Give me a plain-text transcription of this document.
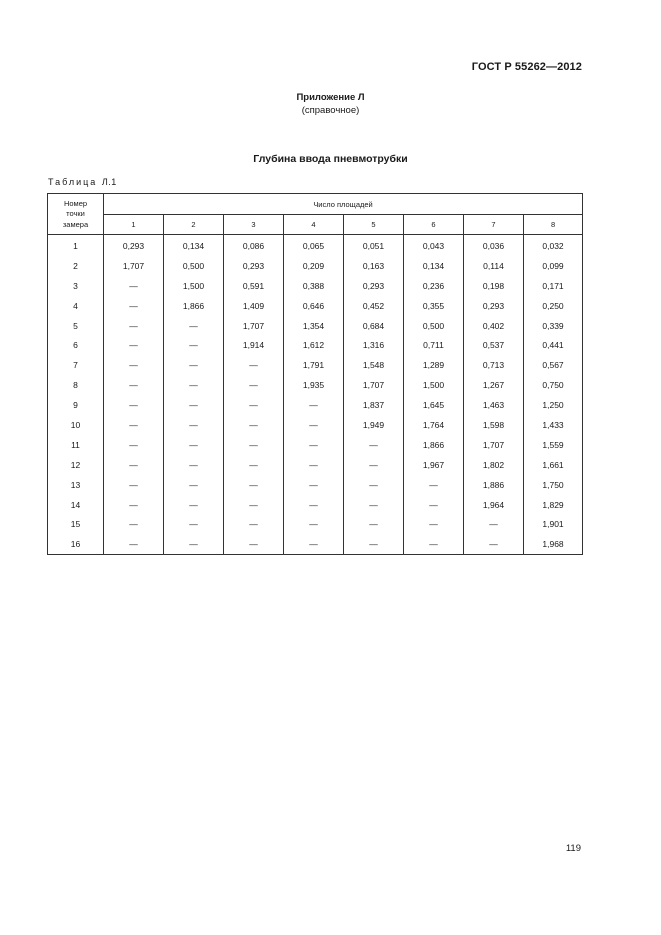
ГОСТ Р 55262—2012
Приложение Л
(справочное)
Глубина ввода пневмотрубки
Таблица Л.1
Номер
точки
замера	Число площадей							
	1	2	3	4	5	6	7	8
1	0,293	0,134	0,086	0,065	0,051	0,043	0,036	0,032
2	1,707	0,500	0,293	0,209	0,163	0,134	0,114	0,099
3	—	1,500	0,591	0,388	0,293	0,236	0,198	0,171
4	—	1,866	1,409	0,646	0,452	0,355	0,293	0,250
5	—	—	1,707	1,354	0,684	0,500	0,402	0,339
6	—	—	1,914	1,612	1,316	0,711	0,537	0,441
7	—	—	—	1,791	1,548	1,289	0,713	0,567
8	—	—	—	1,935	1,707	1,500	1,267	0,750
9	—	—	—	—	1,837	1,645	1,463	1,250
10	—	—	—	—	1,949	1,764	1,598	1,433
11	—	—	—	—	—	1,866	1,707	1,559
12	—	—	—	—	—	1,967	1,802	1,661
13	—	—	—	—	—	—	1,886	1,750
14	—	—	—	—	—	—	1,964	1,829
15	—	—	—	—	—	—	—	1,901
16	—	—	—	—	—	—	—	1,968
119
